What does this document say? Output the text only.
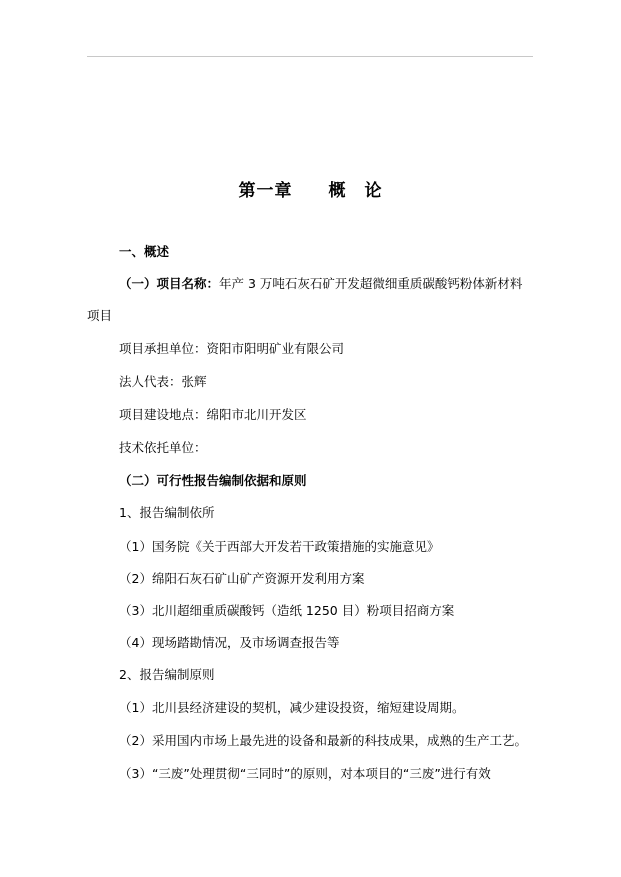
第一章　　概　论
一、概述
（一）项目名称：年产 3 万吨石灰石矿开发超微细重质碳酸钙粉体新材料
项目
项目承担单位：资阳市阳明矿业有限公司
法人代表：张辉
项目建设地点：绵阳市北川开发区
技术依托单位：
（二）可行性报告编制依据和原则
1、报告编制依所
（1）国务院《关于西部大开发若干政策措施的实施意见》
（2）绵阳石灰石矿山矿产资源开发利用方案
（3）北川超细重质碳酸钙（造纸 1250 目）粉项目招商方案
（4）现场踏勘情况，及市场调查报告等
2、报告编制原则
（1）北川县经济建设的契机，减少建设投资，缩短建设周期。
（2）采用国内市场上最先进的设备和最新的科技成果，成熟的生产工艺。
（3）“三废”处理贯彻“三同时”的原则，对本项目的“三废”进行有效
